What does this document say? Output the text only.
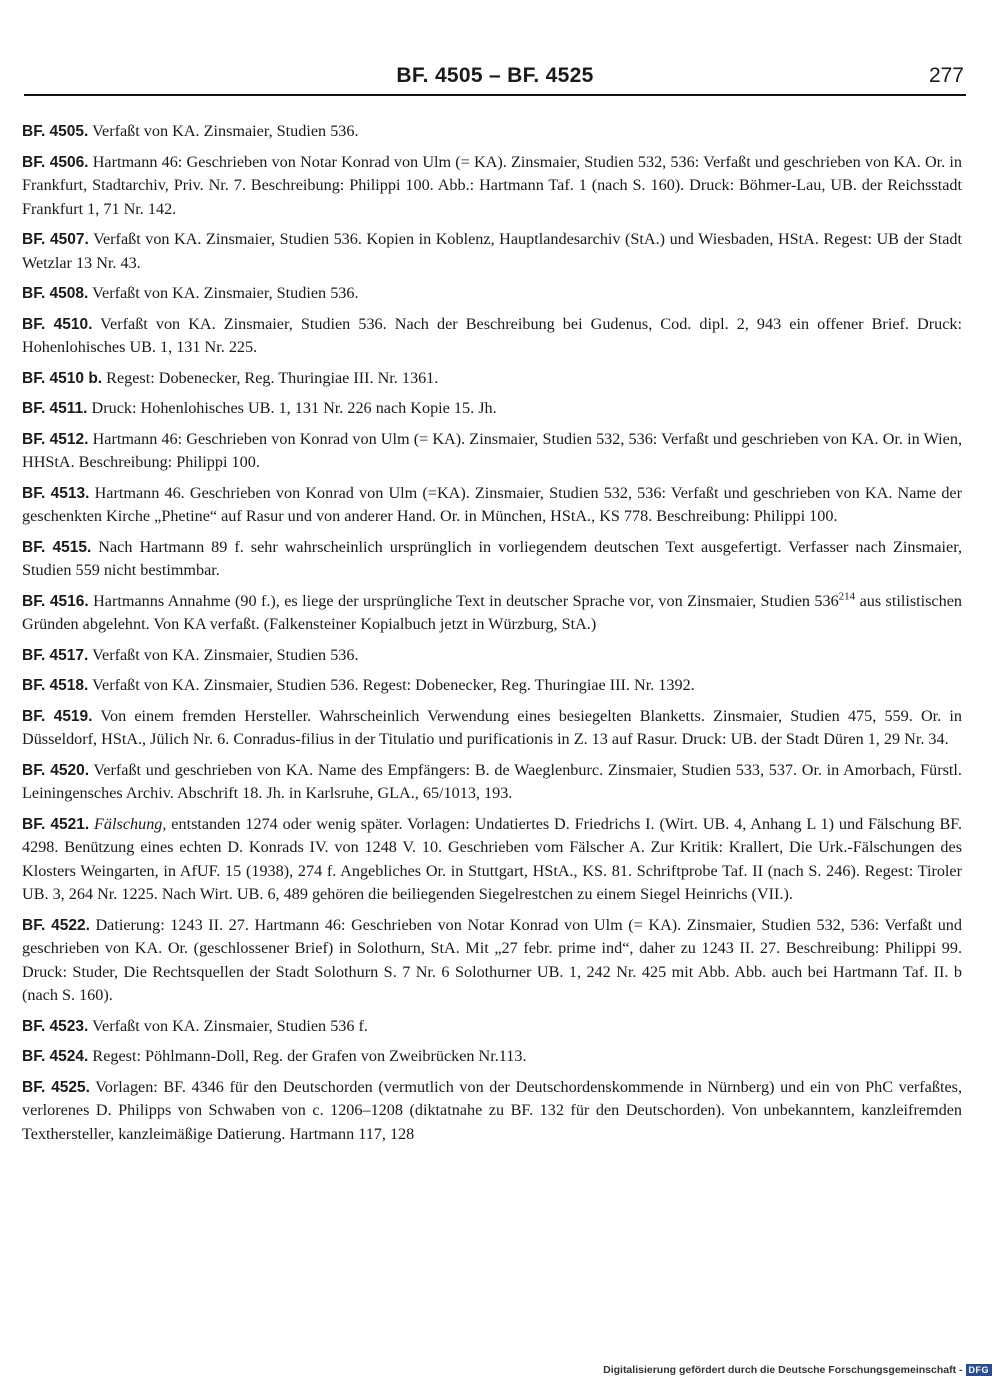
BF. 4505 – BF. 4525	277

BF. 4505. Verfaßt von KA. Zinsmaier, Studien 536.

BF. 4506. Hartmann 46: Geschrieben von Notar Konrad von Ulm (= KA). Zinsmaier, Studien 532, 536: Verfaßt und geschrieben von KA. Or. in Frankfurt, Stadtarchiv, Priv. Nr. 7. Beschreibung: Philippi 100. Abb.: Hartmann Taf. 1 (nach S. 160). Druck: Böhmer-Lau, UB. der Reichsstadt Frankfurt 1, 71 Nr. 142.

BF. 4507. Verfaßt von KA. Zinsmaier, Studien 536. Kopien in Koblenz, Hauptlandesarchiv (StA.) und Wiesbaden, HStA. Regest: UB der Stadt Wetzlar 13 Nr. 43.

BF. 4508. Verfaßt von KA. Zinsmaier, Studien 536.

BF. 4510. Verfaßt von KA. Zinsmaier, Studien 536. Nach der Beschreibung bei Gudenus, Cod. dipl. 2, 943 ein offener Brief. Druck: Hohenlohisches UB. 1, 131 Nr. 225.

BF. 4510 b. Regest: Dobenecker, Reg. Thuringiae III. Nr. 1361.

BF. 4511. Druck: Hohenlohisches UB. 1, 131 Nr. 226 nach Kopie 15. Jh.

BF. 4512. Hartmann 46: Geschrieben von Konrad von Ulm (= KA). Zinsmaier, Studien 532, 536: Verfaßt und geschrieben von KA. Or. in Wien, HHStA. Beschreibung: Philippi 100.

BF. 4513. Hartmann 46. Geschrieben von Konrad von Ulm (=KA). Zinsmaier, Studien 532, 536: Verfaßt und geschrieben von KA. Name der geschenkten Kirche „Phetine“ auf Rasur und von anderer Hand. Or. in München, HStA., KS 778. Beschreibung: Philippi 100.

BF. 4515. Nach Hartmann 89 f. sehr wahrscheinlich ursprünglich in vorliegendem deutschen Text ausgefertigt. Verfasser nach Zinsmaier, Studien 559 nicht bestimmbar.

BF. 4516. Hartmanns Annahme (90 f.), es liege der ursprüngliche Text in deutscher Sprache vor, von Zinsmaier, Studien $536^{214}$ aus stilistischen Gründen abgelehnt. Von KA verfaßt. (Falkensteiner Kopialbuch jetzt in Würzburg, StA.)

BF. 4517. Verfaßt von KA. Zinsmaier, Studien 536.

BF. 4518. Verfaßt von KA. Zinsmaier, Studien 536. Regest: Dobenecker, Reg. Thuringiae III. Nr. 1392.

BF. 4519. Von einem fremden Hersteller. Wahrscheinlich Verwendung eines besiegelten Blanketts. Zinsmaier, Studien 475, 559. Or. in Düsseldorf, HStA., Jülich Nr. 6. Conradus-filius in der Titulatio und purificationis in Z. 13 auf Rasur. Druck: UB. der Stadt Düren 1, 29 Nr. 34.

BF. 4520. Verfaßt und geschrieben von KA. Name des Empfängers: B. de Waeglenburc. Zinsmaier, Studien 533, 537. Or. in Amorbach, Fürstl. Leiningensches Archiv. Abschrift 18. Jh. in Karlsruhe, GLA., 65/1013, 193.

BF. 4521. Fälschung, entstanden 1274 oder wenig später. Vorlagen: Undatiertes D. Friedrichs I. (Wirt. UB. 4, Anhang L 1) und Fälschung BF. 4298. Benützung eines echten D. Konrads IV. von 1248 V. 10. Geschrieben vom Fälscher A. Zur Kritik: Krallert, Die Urk.-Fälschungen des Klosters Weingarten, in AfUF. 15 (1938), 274 f. Angebliches Or. in Stuttgart, HStA., KS. 81. Schriftprobe Taf. II (nach S. 246). Regest: Tiroler UB. 3, 264 Nr. 1225. Nach Wirt. UB. 6, 489 gehören die beiliegenden Siegelrestchen zu einem Siegel Heinrichs (VII.).

BF. 4522. Datierung: 1243 II. 27. Hartmann 46: Geschrieben von Notar Konrad von Ulm (= KA). Zinsmaier, Studien 532, 536: Verfaßt und geschrieben von KA. Or. (geschlossener Brief) in Solothurn, StA. Mit „27 febr. prime ind“, daher zu 1243 II. 27. Beschreibung: Philippi 99. Druck: Studer, Die Rechtsquellen der Stadt Solothurn S. 7 Nr. 6 Solothurner UB. 1, 242 Nr. 425 mit Abb. Abb. auch bei Hartmann Taf. II. b (nach S. 160).

BF. 4523. Verfaßt von KA. Zinsmaier, Studien 536 f.

BF. 4524. Regest: Pöhlmann-Doll, Reg. der Grafen von Zweibrücken Nr.113.

BF. 4525. Vorlagen: BF. 4346 für den Deutschorden (vermutlich von der Deutschordenskommende in Nürnberg) und ein von PhC verfaßtes, verlorenes D. Philipps von Schwaben von c. 1206–1208 (diktatnahe zu BF. 132 für den Deutschorden). Von unbekanntem, kanzleifremden Texthersteller, kanzleimäßige Datierung. Hartmann 117, 128

Digitalisierung gefördert durch die Deutsche Forschungsgemeinschaft - DFG
